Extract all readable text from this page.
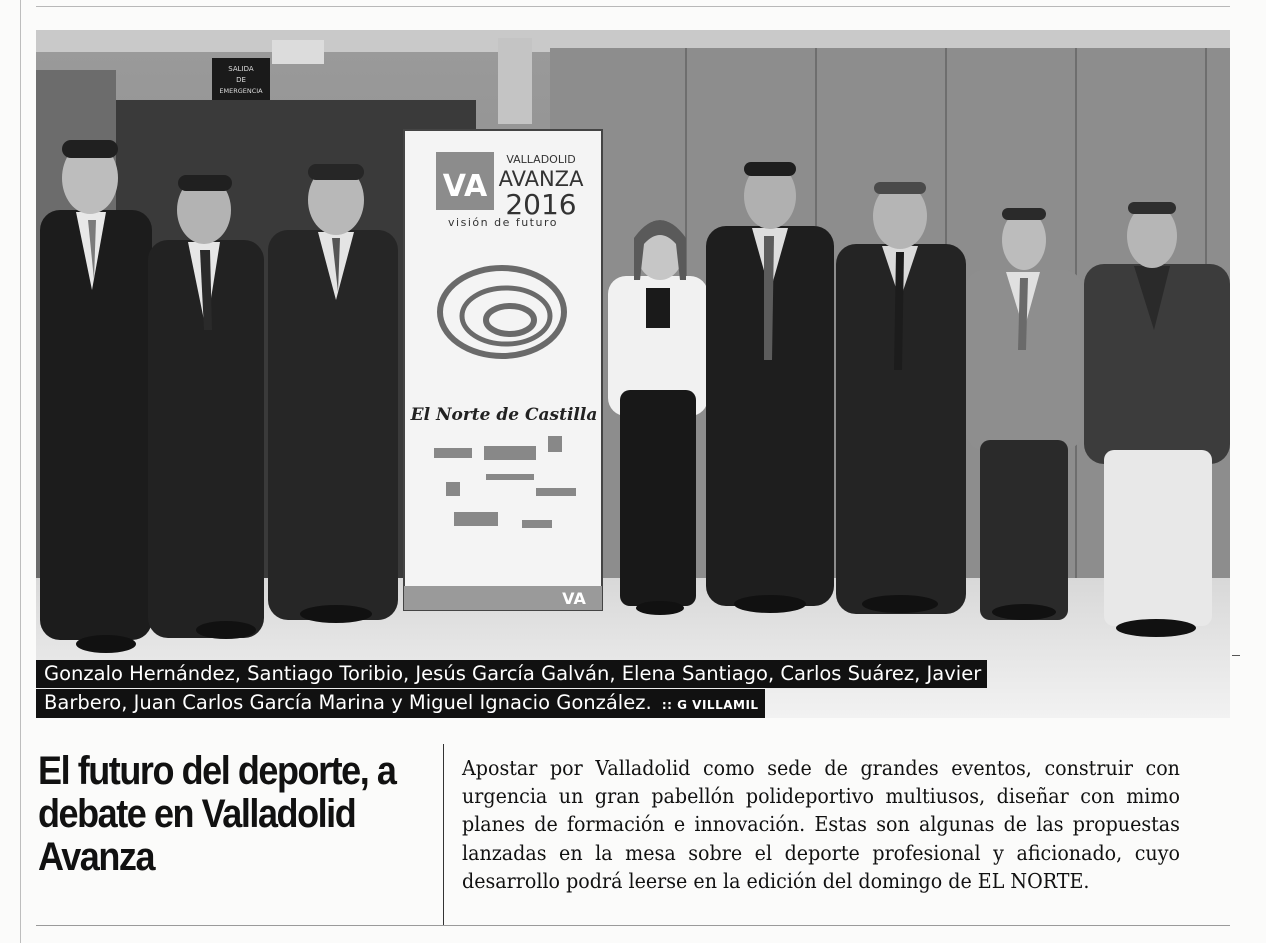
SALIDA
DE
EMERGENCIA
VA
VALLADOLID
AVANZA
2016
visión de futuro
El Norte de Castilla
VA
Gonzalo Hernández, Santiago Toribio, Jesús García Galván, Elena Santiago, Carlos Suárez, Javier
Barbero, Juan Carlos García Marina y Miguel Ignacio González. :: G VILLAMIL
El futuro del deporte, a debate en Valladolid Avanza

Apostar por Valladolid como sede de grandes eventos, construir con urgencia un gran pabellón polideportivo multiusos, diseñar con mimo planes de formación e innovación. Estas son algunas de las propuestas lanzadas en la mesa sobre el deporte profesional y aficionado, cuyo desarrollo podrá leerse en la edición del domingo de EL NORTE.
